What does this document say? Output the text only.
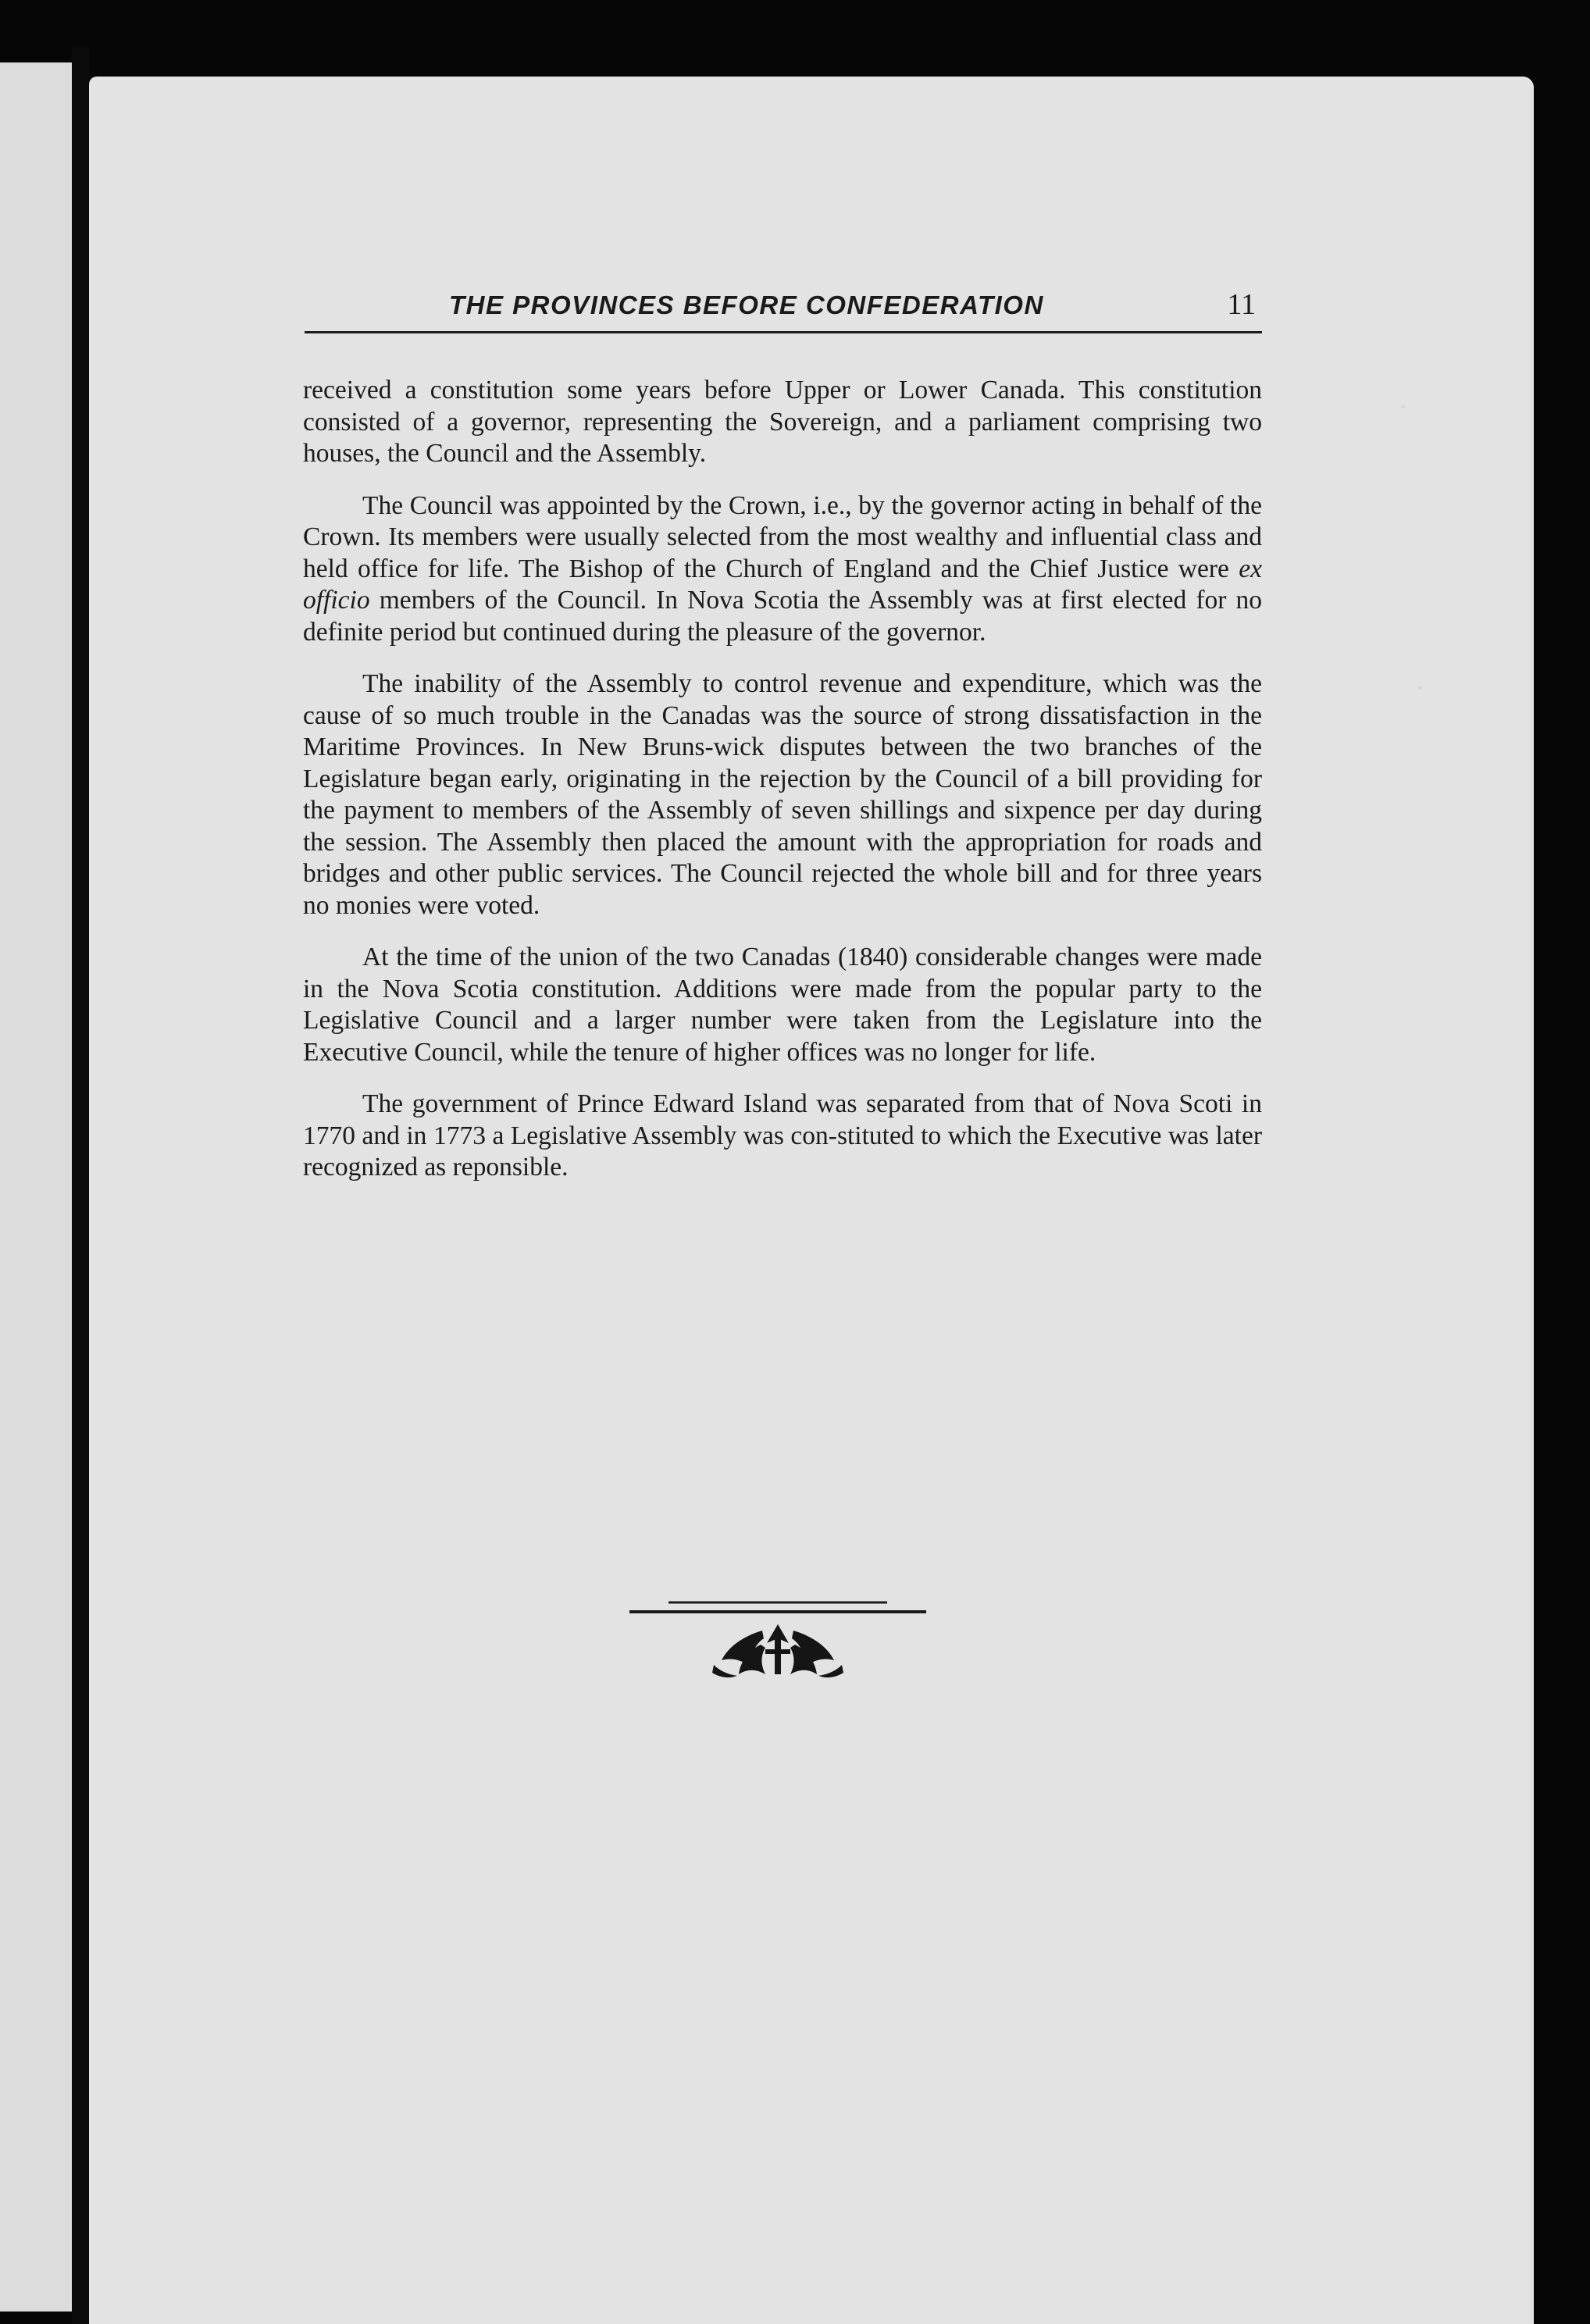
THE PROVINCES BEFORE CONFEDERATION	11

received a constitution some years before Upper or Lower Canada. This constitution consisted of a governor, representing the Sovereign, and a parliament comprising two houses, the Council and the Assembly.

The Council was appointed by the Crown, i.e., by the governor acting in behalf of the Crown. Its members were usually selected from the most wealthy and influential class and held office for life. The Bishop of the Church of England and the Chief Justice were ex officio members of the Council. In Nova Scotia the Assembly was at first elected for no definite period but continued during the pleasure of the governor.

The inability of the Assembly to control revenue and expenditure, which was the cause of so much trouble in the Canadas was the source of strong dissatisfaction in the Maritime Provinces. In New Bruns-wick disputes between the two branches of the Legislature began early, originating in the rejection by the Council of a bill providing for the payment to members of the Assembly of seven shillings and sixpence per day during the session. The Assembly then placed the amount with the appropriation for roads and bridges and other public services. The Council rejected the whole bill and for three years no monies were voted.

At the time of the union of the two Canadas (1840) considerable changes were made in the Nova Scotia constitution. Additions were made from the popular party to the Legislative Council and a larger number were taken from the Legislature into the Executive Council, while the tenure of higher offices was no longer for life.

The government of Prince Edward Island was separated from that of Nova Scoti in 1770 and in 1773 a Legislative Assembly was con-stituted to which the Executive was later recognized as reponsible.
